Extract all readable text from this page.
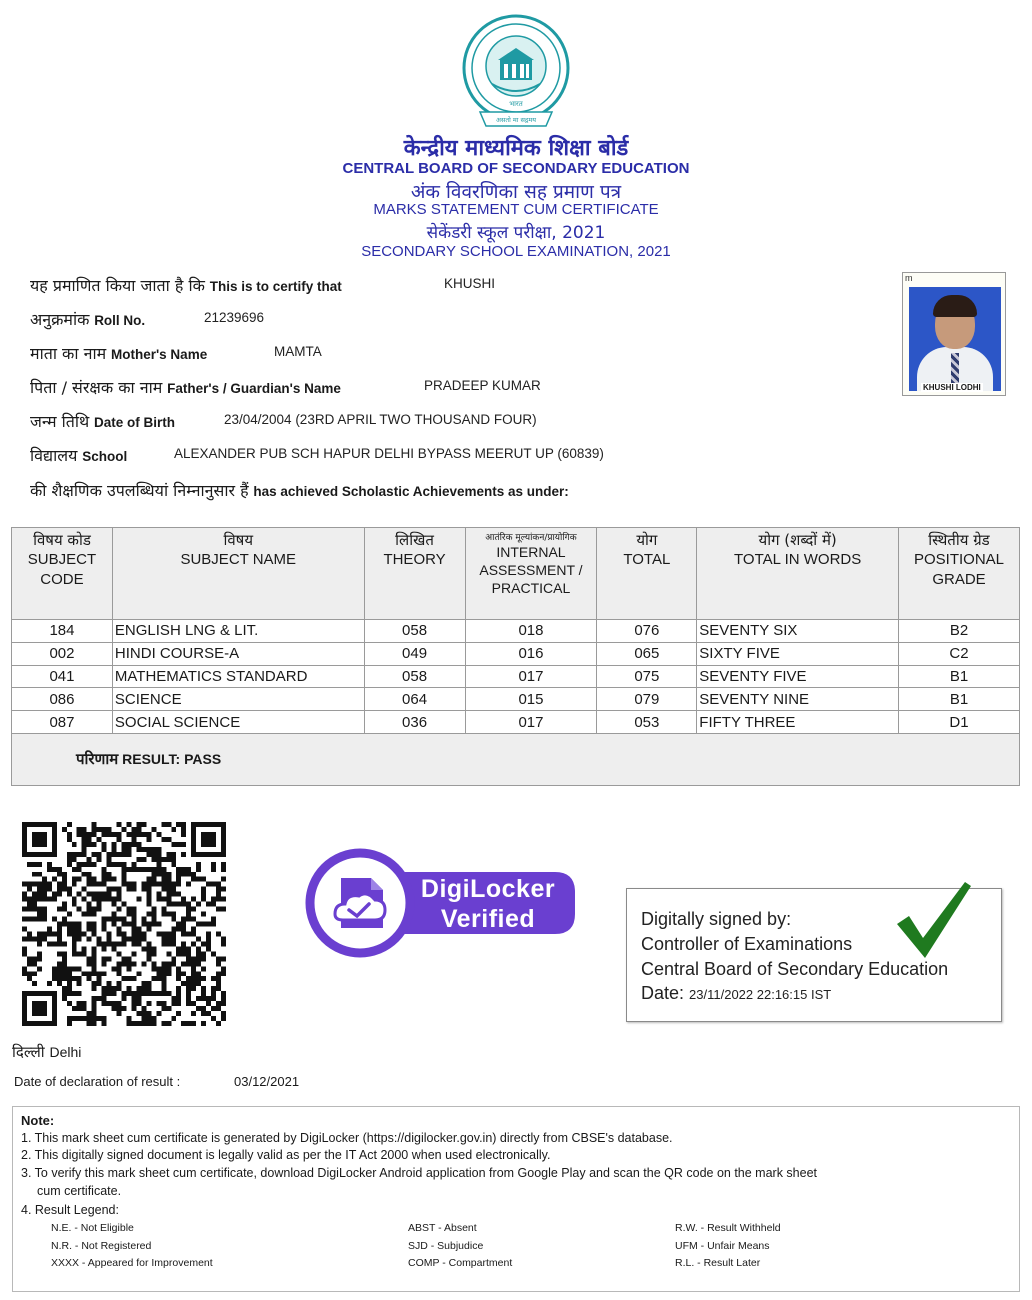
भारत
असतो मा सद्गमय
केन्द्रीय माध्यमिक शिक्षा बोर्ड
CENTRAL BOARD OF SECONDARY EDUCATION
अंक विवरणिका सह प्रमाण पत्र
MARKS STATEMENT CUM CERTIFICATE
सेकेंडरी स्कूल परीक्षा, 2021
SECONDARY SCHOOL EXAMINATION, 2021
यह प्रमाणित किया जाता है कि This is to certify that	KHUSHI
अनुक्रमांक Roll No.	21239696
माता का नाम Mother's Name	MAMTA
पिता / संरक्षक का नाम Father's / Guardian's Name	PRADEEP KUMAR
जन्म तिथि Date of Birth	23/04/2004 (23RD APRIL TWO THOUSAND FOUR)
विद्यालय School	ALEXANDER PUB SCH HAPUR DELHI BYPASS MEERUT UP (60839)
की शैक्षणिक उपलब्धियां निम्नानुसार हैं has achieved Scholastic Achievements as under:
m
KHUSHI LODHI
विषय कोड
SUBJECT
CODE	विषय
SUBJECT NAME	लिखित
THEORY	आतंरिक मूल्यांकन/प्रायोगिक
INTERNAL
ASSESSMENT /
PRACTICAL	योग
TOTAL	योग (शब्दों में)
TOTAL IN WORDS	स्थितीय ग्रेड
POSITIONAL
GRADE

184	ENGLISH LNG & LIT.	058	018	076	SEVENTY SIX	B2
002	HINDI COURSE-A	049	016	065	SIXTY FIVE	C2
041	MATHEMATICS STANDARD	058	017	075	SEVENTY FIVE	B1
086	SCIENCE	064	015	079	SEVENTY NINE	B1
087	SOCIAL SCIENCE	036	017	053	FIFTY THREE	D1

परिणाम RESULT: PASS						
DigiLocker
Verified	Digitally signed by:
Controller of Examinations
Central Board of Secondary Education
Date: 23/11/2022 22:16:15 IST
दिल्ली Delhi
Date of declaration of result :	03/12/2021
Note:
1. This mark sheet cum certificate is generated by DigiLocker (https://digilocker.gov.in) directly from CBSE's database.
2. This digitally signed document is legally valid as per the IT Act 2000 when used electronically.
3. To verify this mark sheet cum certificate, download DigiLocker Android application from Google Play and scan the QR code on the mark sheet
cum certificate.
4. Result Legend:
N.E. - Not Eligible	ABST - Absent	R.W. - Result Withheld
N.R. - Not Registered	SJD - Subjudice	UFM - Unfair Means
XXXX - Appeared for Improvement	COMP - Compartment	R.L. - Result Later
